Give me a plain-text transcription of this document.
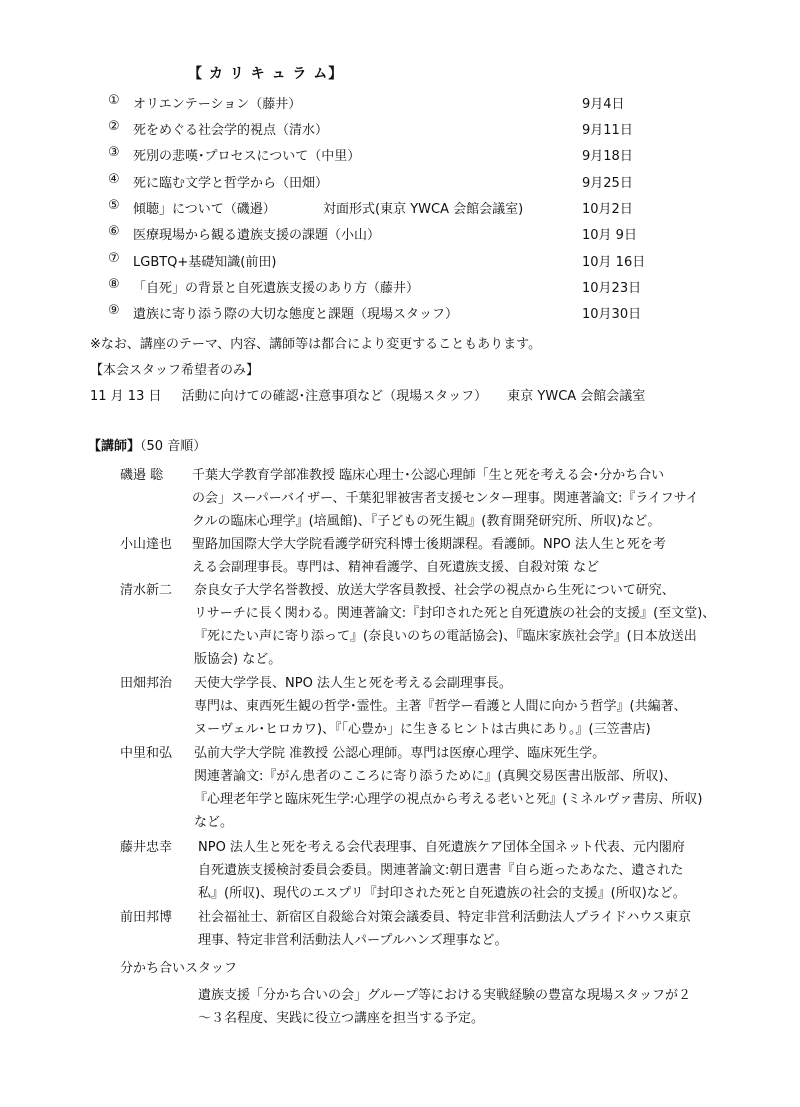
【 カ リ キ ュ ラ ム】
①	オリエンテーション（藤井）	9月4日
②	死をめぐる社会学的視点（清水）	9月11日
③	死別の悲嘆･プロセスについて（中里）	9月18日
④	死に臨む文学と哲学から（田畑）	9月25日
⑤	傾聴」について（磯邉）	対面形式(東京 YWCA 会館会議室)	10月2日
⑥	医療現場から観る遺族支援の課題（小山）	10月 9日
⑦	LGBTQ+基礎知識(前田)	10月 16日
⑧	「自死」の背景と自死遺族支援のあり方（藤井）	10月23日
⑨	遺族に寄り添う際の大切な態度と課題（現場スタッフ）	10月30日
※なお、講座のテーマ、内容、講師等は都合により変更することもあります。
【本会スタッフ希望者のみ】
11 月 13 日 活動に向けての確認･注意事項など（現場スタッフ） 東京 YWCA 会館会議室
【講師】（50 音順）
磯邉 聡 千葉大学教育学部准教授 臨床心理士･公認心理師「生と死を考える会･分かち合い
の会」スーパーバイザー、千葉犯罪被害者支援センター理事。関連著論文:『ライフサイ
クルの臨床心理学』(培風館)、『子どもの死生観』(教育開発研究所、所収)など。
小山達也 聖路加国際大学大学院看護学研究科博士後期課程。看護師。NPO 法人生と死を考
える会副理事長。専門は、精神看護学、自死遺族支援、自殺対策 など
清水新二 奈良女子大学名誉教授、放送大学客員教授、社会学の視点から生死について研究、
リサーチに長く関わる。関連著論文:『封印された死と自死遺族の社会的支援』(至文堂)、
『死にたい声に寄り添って』(奈良いのちの電話協会)、『臨床家族社会学』(日本放送出
版協会) など。
田畑邦治 天使大学学長、NPO 法人生と死を考える会副理事長。
専門は、東西死生観の哲学･霊性。主著『哲学ー看護と人間に向かう哲学』(共編著、
ヌーヴェル･ヒロカワ)、『「心豊か」に生きるヒントは古典にあり。』(三笠書店)
中里和弘 弘前大学大学院 准教授 公認心理師。専門は医療心理学、臨床死生学。
関連著論文:『がん患者のこころに寄り添うために』(真興交易医書出版部、所収)、
『心理老年学と臨床死生学:心理学の視点から考える老いと死』(ミネルヴァ書房、所収)
など。
藤井忠幸 NPO 法人生と死を考える会代表理事、自死遺族ケア団体全国ネット代表、元内閣府
自死遺族支援検討委員会委員。関連著論文:朝日選書『自ら逝ったあなた、遺された
私』(所収)、現代のエスプリ『封印された死と自死遺族の社会的支援』(所収)など。
前田邦博 社会福祉士、新宿区自殺総合対策会議委員、特定非営利活動法人プライドハウス東京
理事、特定非営利活動法人パープルハンズ理事など。
分かち合いスタッフ
遺族支援「分かち合いの会」グループ等における実戦経験の豊富な現場スタッフが２
～３名程度、実践に役立つ講座を担当する予定。
